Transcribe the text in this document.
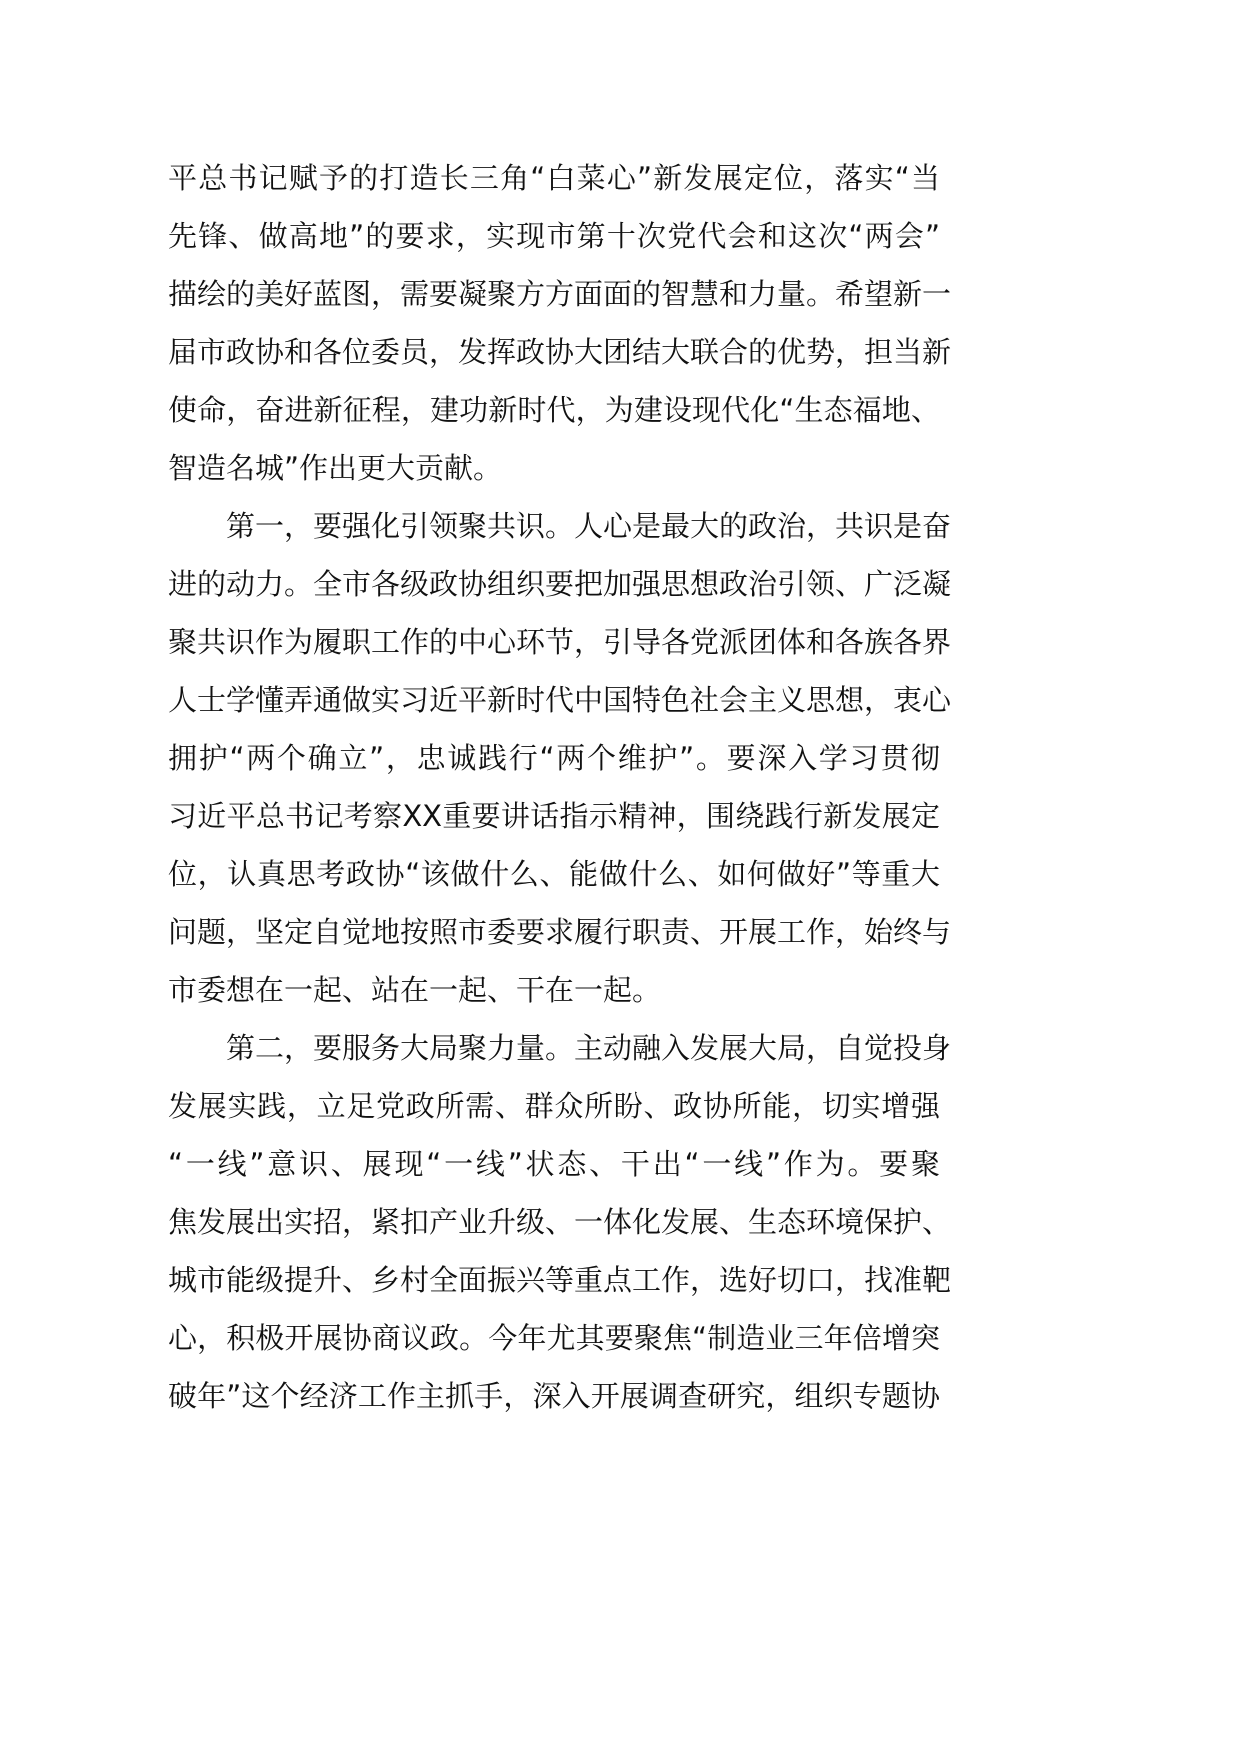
平总书记赋予的打造长三角“白菜心”新发展定位，落实“当
先锋、做高地”的要求，实现市第十次党代会和这次“两会”
描绘的美好蓝图，需要凝聚方方面面的智慧和力量。希望新一
届市政协和各位委员，发挥政协大团结大联合的优势，担当新
使命，奋进新征程，建功新时代，为建设现代化“生态福地、
智造名城”作出更大贡献。
第一，要强化引领聚共识。人心是最大的政治，共识是奋
进的动力。全市各级政协组织要把加强思想政治引领、广泛凝
聚共识作为履职工作的中心环节，引导各党派团体和各族各界
人士学懂弄通做实习近平新时代中国特色社会主义思想，衷心
拥护“两个确立”，忠诚践行“两个维护”。要深入学习贯彻
习近平总书记考察XX重要讲话指示精神，围绕践行新发展定
位，认真思考政协“该做什么、能做什么、如何做好”等重大
问题，坚定自觉地按照市委要求履行职责、开展工作，始终与
市委想在一起、站在一起、干在一起。
第二，要服务大局聚力量。主动融入发展大局，自觉投身
发展实践，立足党政所需、群众所盼、政协所能，切实增强
“一线”意识、展现“一线”状态、干出“一线”作为。要聚
焦发展出实招，紧扣产业升级、一体化发展、生态环境保护、
城市能级提升、乡村全面振兴等重点工作，选好切口，找准靶
心，积极开展协商议政。今年尤其要聚焦“制造业三年倍增突
破年”这个经济工作主抓手，深入开展调查研究，组织专题协
